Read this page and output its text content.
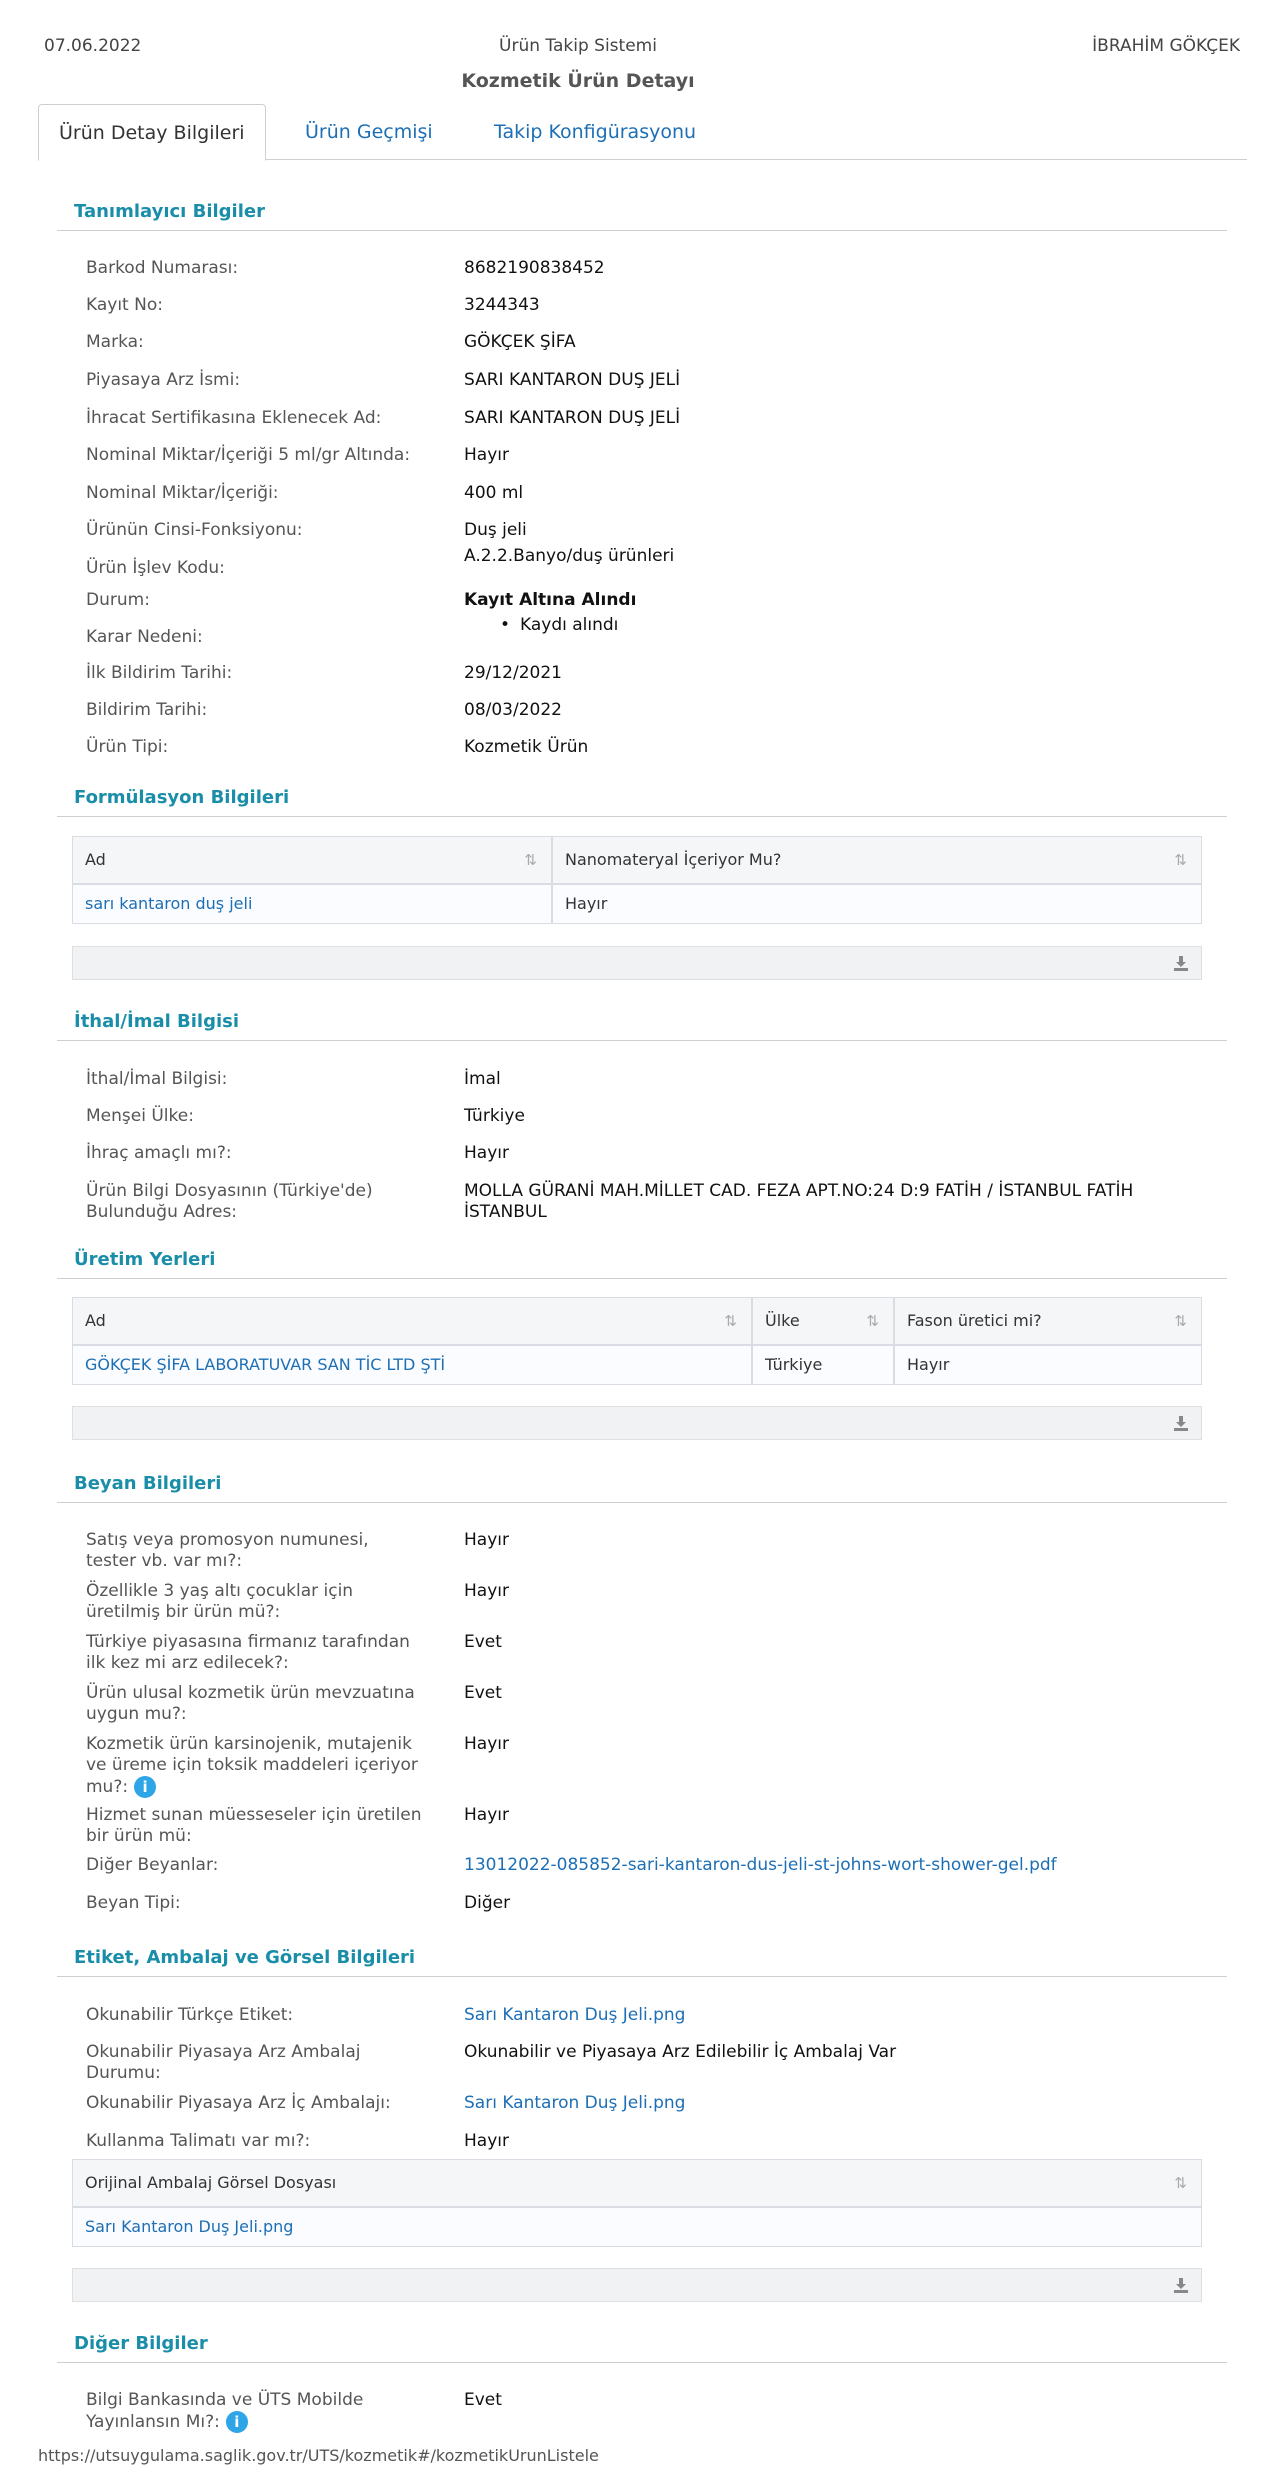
07.06.2022	Ürün Takip Sistemi	İBRAHİM GÖKÇEK
Kozmetik Ürün Detayı
Ürün Detay Bilgileri	Ürün Geçmişi	Takip Konfigürasyonu
Tanımlayıcı Bilgiler
Barkod Numarası:	8682190838452
Kayıt No:	3244343
Marka:	GÖKÇEK ŞİFA
Piyasaya Arz İsmi:	SARI KANTARON DUŞ JELİ
İhracat Sertifikasına Eklenecek Ad:	SARI KANTARON DUŞ JELİ
Nominal Miktar/İçeriği 5 ml/gr Altında:	Hayır
Nominal Miktar/İçeriği:	400 ml
Ürünün Cinsi-Fonksiyonu:	Duş jeli
Ürün İşlev Kodu:
A.2.2.Banyo/duş ürünleri
Durum:	Kayıt Altına Alındı
Karar Nedeni:
• Kaydı alındı
İlk Bildirim Tarihi:	29/12/2021
Bildirim Tarihi:	08/03/2022
Ürün Tipi:	Kozmetik Ürün
Formülasyon Bilgileri
Ad	⇅	Nanomateryal İçeriyor Mu?	⇅
sarı kantaron duş jeli	Hayır
İthal/İmal Bilgisi
İthal/İmal Bilgisi:	İmal
Menşei Ülke:	Türkiye
İhraç amaçlı mı?:	Hayır
Ürün Bilgi Dosyasının (Türkiye'de) Bulunduğu Adres:
MOLLA GÜRANİ MAH.MİLLET CAD. FEZA APT.NO:24 D:9 FATİH / İSTANBUL FATİH İSTANBUL
Üretim Yerleri
Ad	⇅	Ülke	⇅	Fason üretici mi?	⇅
GÖKÇEK ŞİFA LABORATUVAR SAN TİC LTD ŞTİ	Türkiye	Hayır
Beyan Bilgileri
Satış veya promosyon numunesi, tester vb. var mı?:
Hayır
Özellikle 3 yaş altı çocuklar için üretilmiş bir ürün mü?:
Hayır
Türkiye piyasasına firmanız tarafından ilk kez mi arz edilecek?:
Evet
Ürün ulusal kozmetik ürün mevzuatına uygun mu?:
Evet
Kozmetik ürün karsinojenik, mutajenik ve üreme için toksik maddeleri içeriyor mu?: i
Hayır
Hizmet sunan müesseseler için üretilen bir ürün mü:
Hayır
Diğer Beyanlar:	13012022-085852-sari-kantaron-dus-jeli-st-johns-wort-shower-gel.pdf
Beyan Tipi:	Diğer
Etiket, Ambalaj ve Görsel Bilgileri
Okunabilir Türkçe Etiket:	Sarı Kantaron Duş Jeli.png
Okunabilir Piyasaya Arz Ambalaj Durumu:
Okunabilir ve Piyasaya Arz Edilebilir İç Ambalaj Var
Okunabilir Piyasaya Arz İç Ambalajı:	Sarı Kantaron Duş Jeli.png
Kullanma Talimatı var mı?:	Hayır
Orijinal Ambalaj Görsel Dosyası	⇅
Sarı Kantaron Duş Jeli.png
Diğer Bilgiler
Bilgi Bankasında ve ÜTS Mobilde Yayınlansın Mı?: i
Evet
https://utsuygulama.saglik.gov.tr/UTS/kozmetik#/kozmetikUrunListele
